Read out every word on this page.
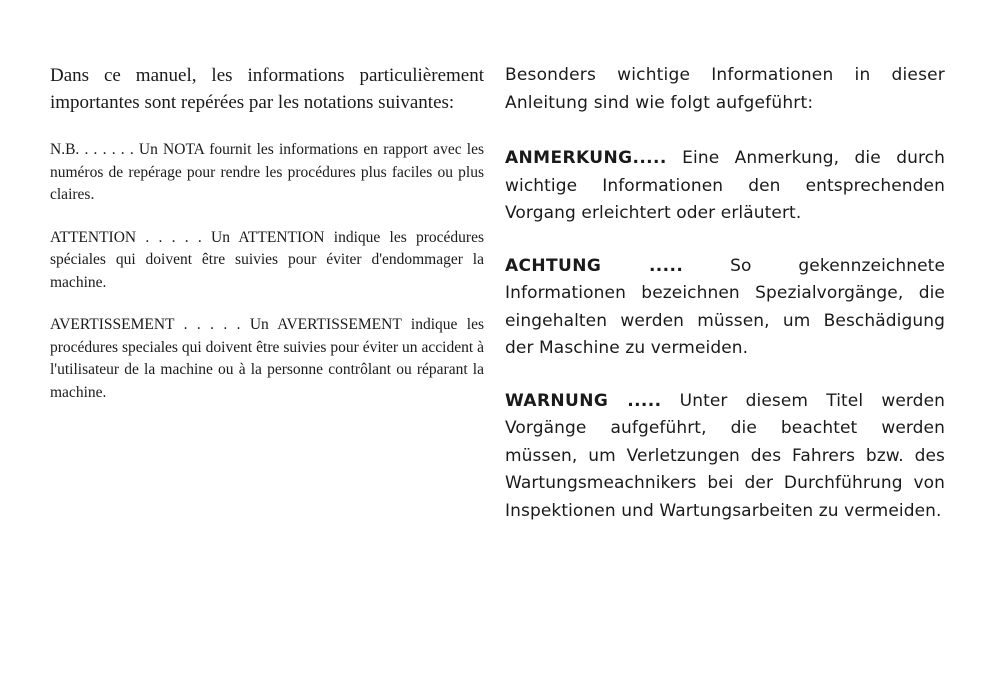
Dans ce manuel, les informations particulièrement importantes sont repérées par les notations suivantes:

N.B. . . . . . . Un NOTA fournit les informations en rapport avec les numéros de repérage pour rendre les procédures plus faciles ou plus claires.

ATTENTION . . . . . Un ATTENTION indique les procédures spéciales qui doivent être suivies pour éviter d'endommager la machine.

AVERTISSEMENT . . . . . Un AVERTISSEMENT indique les procédures speciales qui doivent être suivies pour éviter un accident à l'utilisateur de la machine ou à la personne contrôlant ou réparant la machine.

Besonders wichtige Informationen in dieser Anleitung sind wie folgt aufgeführt:

ANMERKUNG..... Eine Anmerkung, die durch wichtige Informationen den entsprechenden Vorgang erleichtert oder erläutert.

ACHTUNG ..... So gekennzeichnete Informationen bezeichnen Spezialvorgänge, die eingehalten werden müssen, um Beschädigung der Maschine zu vermeiden.

WARNUNG ..... Unter diesem Titel werden Vorgänge aufgeführt, die beachtet werden müssen, um Verletzungen des Fahrers bzw. des Wartungsmeachnikers bei der Durchführung von Inspektionen und Wartungsarbeiten zu vermeiden.
